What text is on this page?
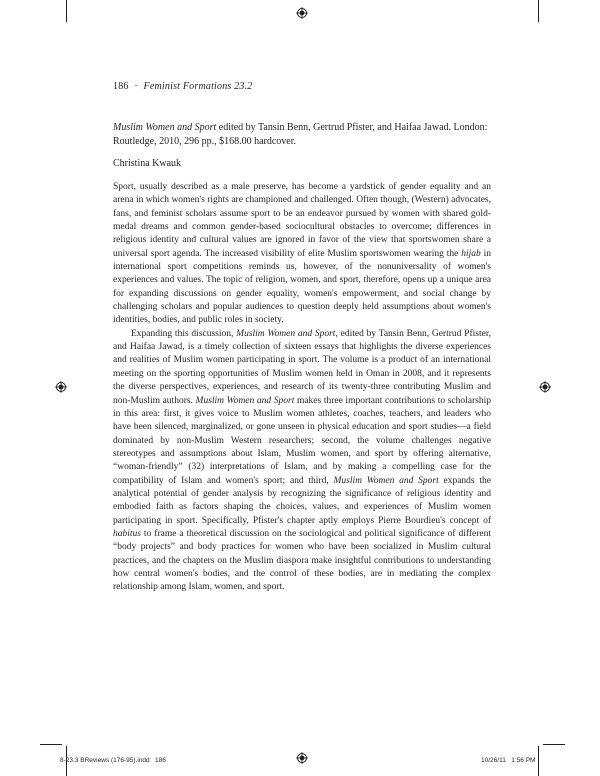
186 · Feminist Formations 23.2
Muslim Women and Sport edited by Tansin Benn, Gertrud Pfister, and Haifaa Jawad. London: Routledge, 2010, 296 pp., $168.00 hardcover.
Christina Kwauk

Sport, usually described as a male preserve, has become a yardstick of gender equality and an arena in which women's rights are championed and challenged. Often though, (Western) advocates, fans, and feminist scholars assume sport to be an endeavor pursued by women with shared gold-medal dreams and common gender-based sociocultural obstacles to overcome; differences in religious identity and cultural values are ignored in favor of the view that sportswomen share a universal sport agenda. The increased visibility of elite Muslim sportswomen wearing the hijab in international sport competitions reminds us, however, of the nonuniversality of women's experiences and values. The topic of religion, women, and sport, therefore, opens up a unique area for expanding discussions on gender equality, women's empowerment, and social change by challenging scholars and popular audiences to question deeply held assumptions about women's identities, bodies, and public roles in society.

Expanding this discussion, Muslim Women and Sport, edited by Tansin Benn, Gertrud Pfister, and Haifaa Jawad, is a timely collection of sixteen essays that highlights the diverse experiences and realities of Muslim women participating in sport. The volume is a product of an international meeting on the sporting opportunities of Muslim women held in Oman in 2008, and it represents the diverse perspectives, experiences, and research of its twenty-three contributing Muslim and non-Muslim authors. Muslim Women and Sport makes three important contributions to scholarship in this area: first, it gives voice to Muslim women athletes, coaches, teachers, and leaders who have been silenced, marginalized, or gone unseen in physical education and sport studies—a field dominated by non-Muslim Western researchers; second, the volume challenges negative stereotypes and assumptions about Islam, Muslim women, and sport by offering alternative, “woman-friendly” (32) interpretations of Islam, and by making a compelling case for the compatibility of Islam and women's sport; and third, Muslim Women and Sport expands the analytical potential of gender analysis by recognizing the significance of religious identity and embodied faith as factors shaping the choices, values, and experiences of Muslim women participating in sport. Specifically, Pfister's chapter aptly employs Pierre Bourdieu's concept of habitus to frame a theoretical discussion on the sociological and political significance of different “body projects” and body practices for women who have been socialized in Muslim cultural practices, and the chapters on the Muslim diaspora make insightful contributions to understanding how central women's bodies, and the control of these bodies, are in mediating the complex relationship among Islam, women, and sport.

8-23.3 BReviews (176-95).indd   186	10/26/11   1:56 PM
